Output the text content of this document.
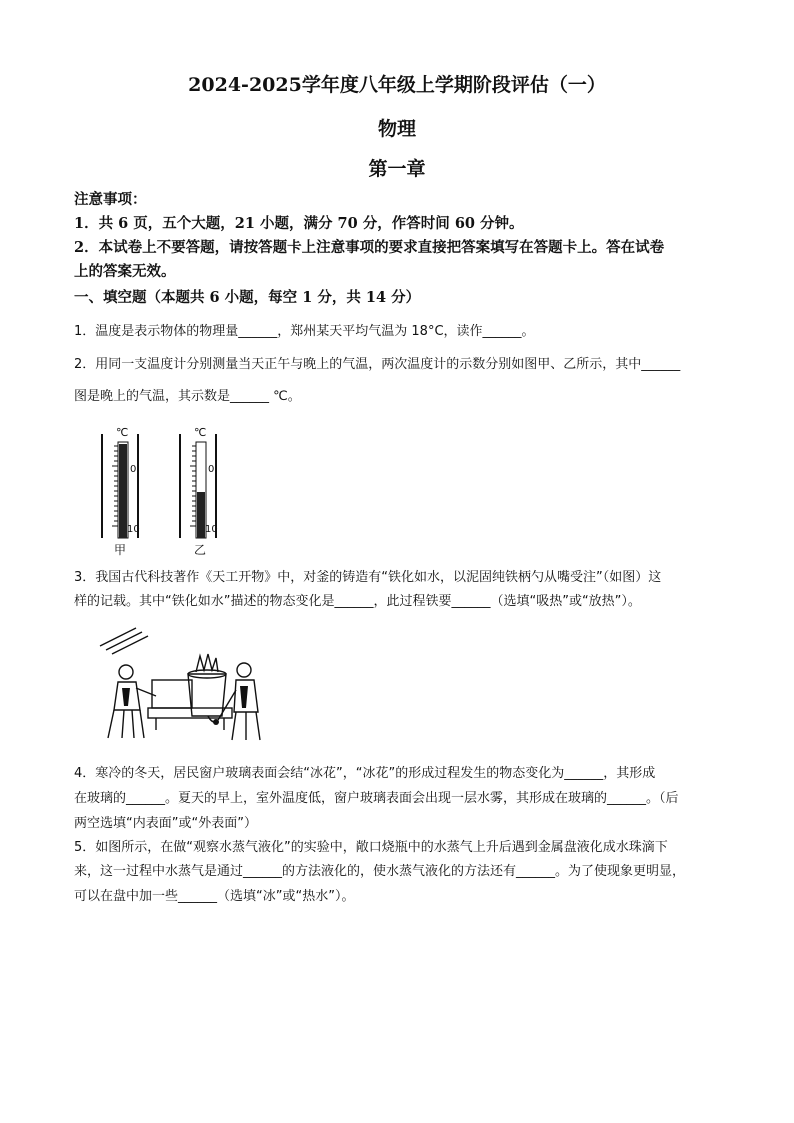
2024-2025学年度八年级上学期阶段评估（一）
物理
第一章
注意事项：
1．共 6 页，五个大题，21 小题，满分 70 分，作答时间 60 分钟。
2．本试卷上不要答题，请按答题卡上注意事项的要求直接把答案填写在答题卡上。答在试卷
上的答案无效。
一、填空题（本题共 6 小题，每空 1 分，共 14 分）
1．温度是表示物体的物理量______，郑州某天平均气温为 18°C，读作______。
2．用同一支温度计分别测量当天正午与晚上的气温，两次温度计的示数分别如图甲、乙所示，其中______
图是晚上的气温，其示数是______ ℃。
℃
0
10
甲
℃
0
10
乙
3．我国古代科技著作《天工开物》中，对釜的铸造有“铁化如水，以泥固纯铁柄勺从嘴受注”（如图）这
样的记载。其中“铁化如水”描述的物态变化是______，此过程铁要______（选填“吸热”或“放热”）。
4．寒冷的冬天，居民窗户玻璃表面会结“冰花”，“冰花”的形成过程发生的物态变化为______，其形成
在玻璃的______。夏天的早上，室外温度低，窗户玻璃表面会出现一层水雾，其形成在玻璃的______。（后
两空选填“内表面”或“外表面”）
5．如图所示，在做“观察水蒸气液化”的实验中，敞口烧瓶中的水蒸气上升后遇到金属盘液化成水珠滴下
来，这一过程中水蒸气是通过______的方法液化的，使水蒸气液化的方法还有______。为了使现象更明显，
可以在盘中加一些______（选填“冰”或“热水”）。
